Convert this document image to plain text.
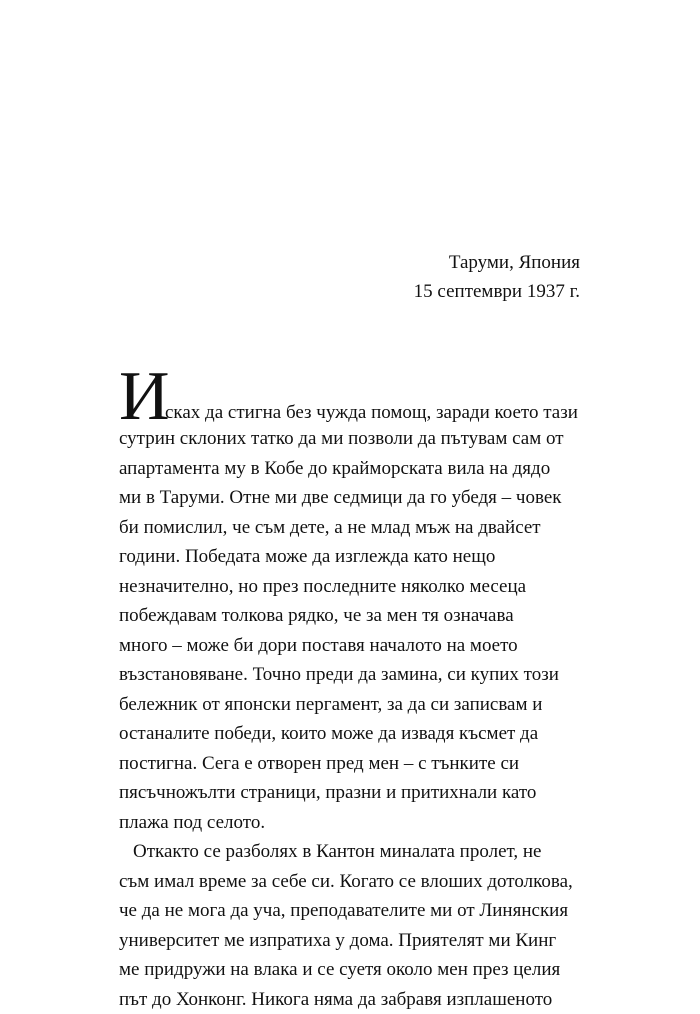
Таруми, Япония
15 септември 1937 г.
И
сках да стигна без чужда помощ, заради което тази
сутрин склоних татко да ми позволи да пътувам сам от
апартамента му в Кобе до крайморската вила на дядо
ми в Таруми. Отне ми две седмици да го убедя – човек
би помислил, че съм дете, а не млад мъж на двайсет
години. Победата може да изглежда като нещо
незначително, но през последните няколко месеца
побеждавам толкова рядко, че за мен тя означава
много – може би дори поставя началото на моето
възстановяване. Точно преди да замина, си купих този
бележник от японски пергамент, за да си записвам и
останалите победи, които може да извадя късмет да
постигна. Сега е отворен пред мен – с тънките си
пясъчножълти страници, празни и притихнали като
плажа под селото.
Откакто се разболях в Кантон миналата пролет, не
съм имал време за себе си. Когато се влоших дотолкова,
че да не мога да уча, преподавателите ми от Линянския
университет ме изпратиха у дома. Приятелят ми Кинг
ме придружи на влака и се суетя около мен през целия
път до Хонконг. Никога няма да забравя изплашеното
